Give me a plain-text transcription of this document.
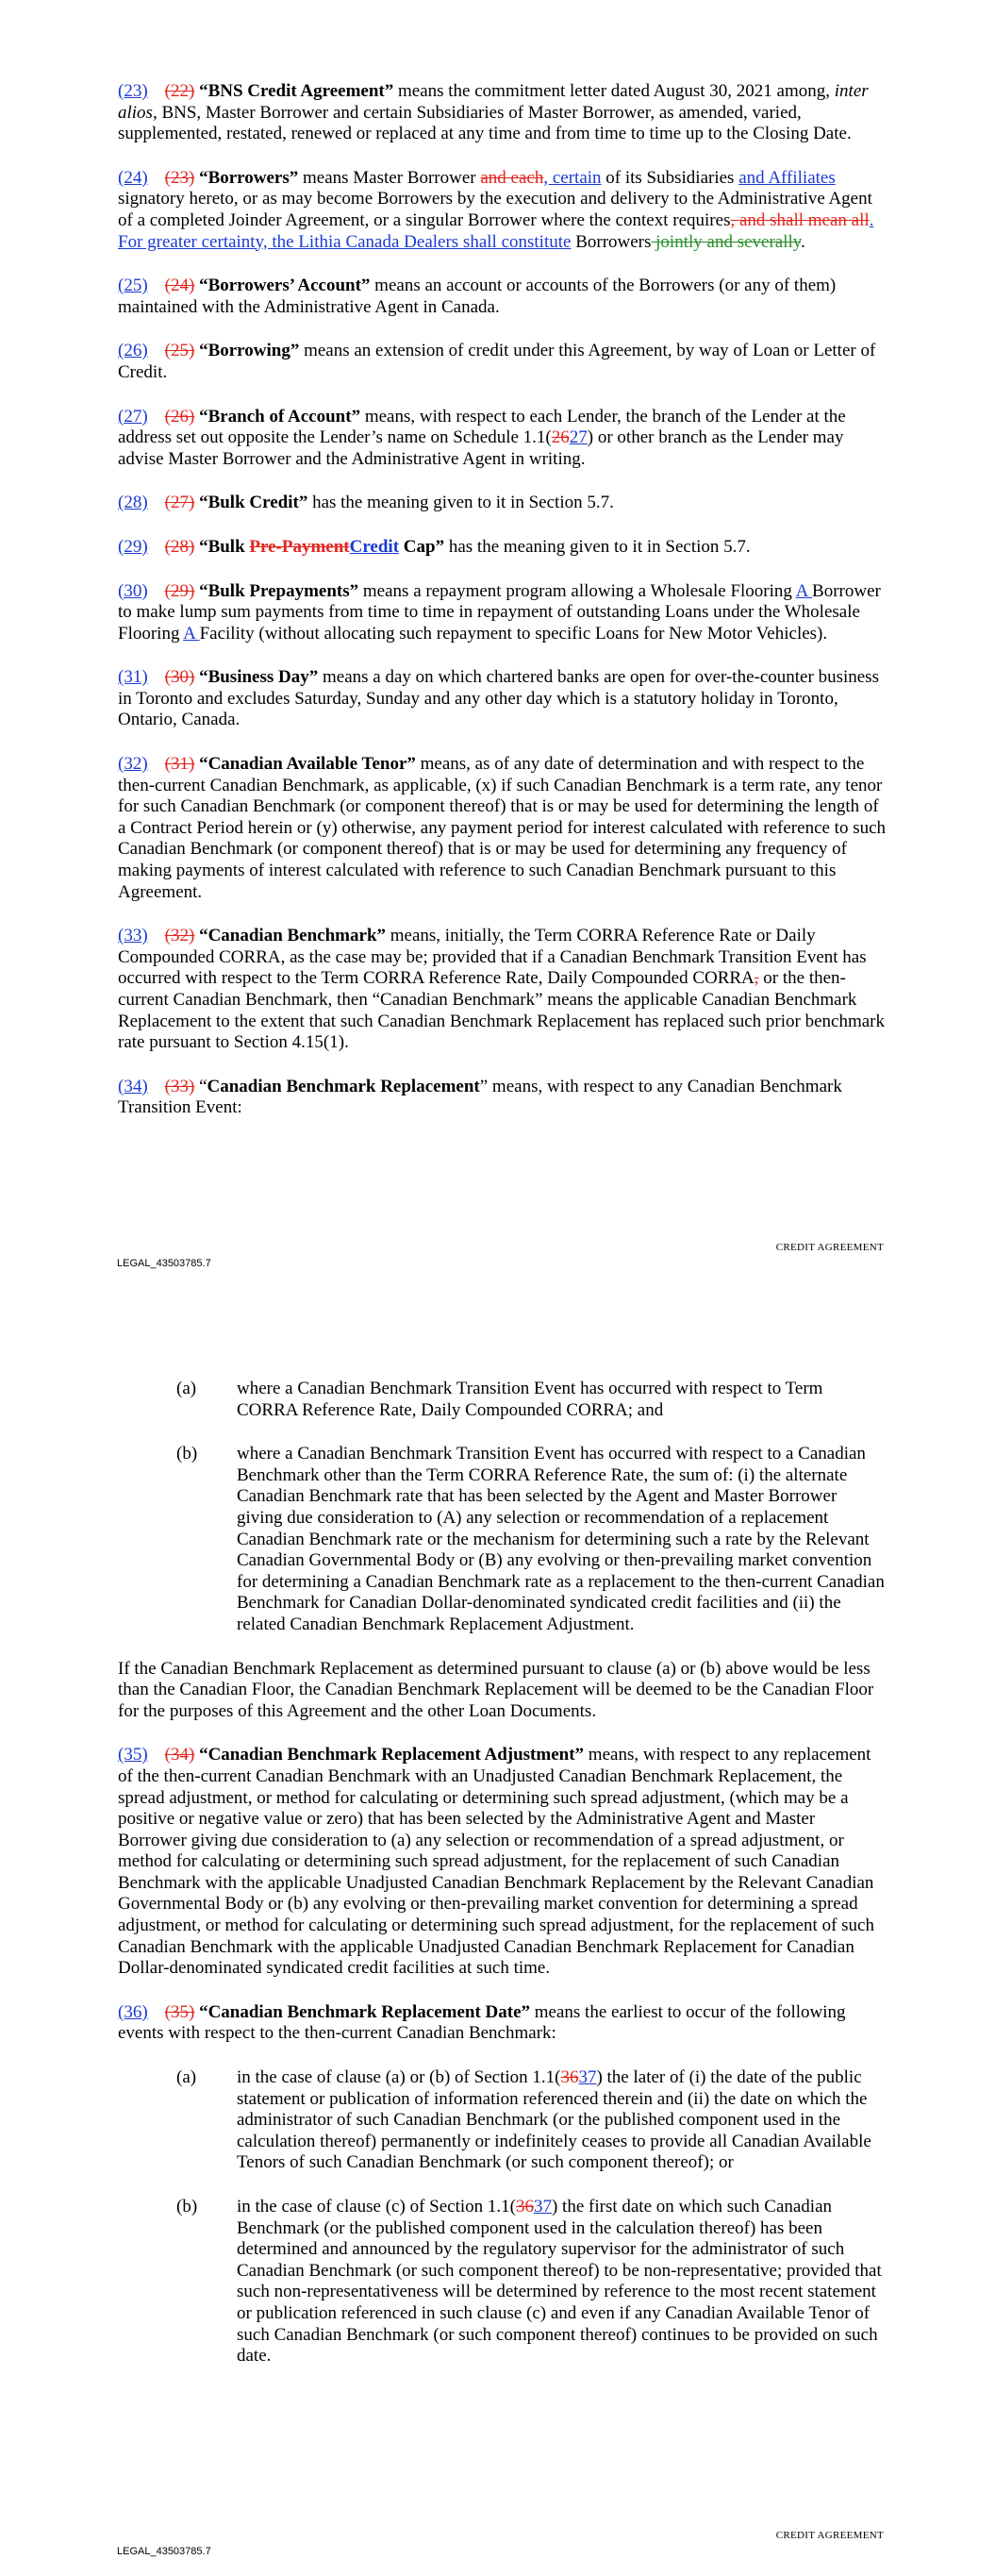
(23) (22) “BNS Credit Agreement” means the commitment letter dated August 30, 2021 among, inter alios, BNS, Master Borrower and certain Subsidiaries of Master Borrower, as amended, varied, supplemented, restated, renewed or replaced at any time and from time to time up to the Closing Date.

(24) (23) “Borrowers” means Master Borrower and each, certain of its Subsidiaries and Affiliates signatory hereto, or as may become Borrowers by the execution and delivery to the Administrative Agent of a completed Joinder Agreement, or a singular Borrower where the context requires, and shall mean all. For greater certainty, the Lithia Canada Dealers shall constitute Borrowers jointly and severally.

(25) (24) “Borrowers’ Account” means an account or accounts of the Borrowers (or any of them) maintained with the Administrative Agent in Canada.

(26) (25) “Borrowing” means an extension of credit under this Agreement, by way of Loan or Letter of Credit.

(27) (26) “Branch of Account” means, with respect to each Lender, the branch of the Lender at the address set out opposite the Lender’s name on Schedule 1.1(2627) or other branch as the Lender may advise Master Borrower and the Administrative Agent in writing.

(28) (27) “Bulk Credit” has the meaning given to it in Section 5.7.

(29) (28) “Bulk Pre-PaymentCredit Cap” has the meaning given to it in Section 5.7.

(30) (29) “Bulk Prepayments” means a repayment program allowing a Wholesale Flooring A Borrower to make lump sum payments from time to time in repayment of outstanding Loans under the Wholesale Flooring A Facility (without allocating such repayment to specific Loans for New Motor Vehicles).

(31) (30) “Business Day” means a day on which chartered banks are open for over-the-counter business in Toronto and excludes Saturday, Sunday and any other day which is a statutory holiday in Toronto, Ontario, Canada.

(32) (31) “Canadian Available Tenor” means, as of any date of determination and with respect to the then-current Canadian Benchmark, as applicable, (x) if such Canadian Benchmark is a term rate, any tenor for such Canadian Benchmark (or component thereof) that is or may be used for determining the length of a Contract Period herein or (y) otherwise, any payment period for interest calculated with reference to such Canadian Benchmark (or component thereof) that is or may be used for determining any frequency of making payments of interest calculated with reference to such Canadian Benchmark pursuant to this Agreement.

(33) (32) “Canadian Benchmark” means, initially, the Term CORRA Reference Rate or Daily Compounded CORRA, as the case may be; provided that if a Canadian Benchmark Transition Event has occurred with respect to the Term CORRA Reference Rate, Daily Compounded CORRA, or the then-current Canadian Benchmark, then “Canadian Benchmark” means the applicable Canadian Benchmark Replacement to the extent that such Canadian Benchmark Replacement has replaced such prior benchmark rate pursuant to Section 4.15(1).

(34) (33) “Canadian Benchmark Replacement” means, with respect to any Canadian Benchmark Transition Event:

CREDIT AGREEMENT
LEGAL_43503785.7
(a) where a Canadian Benchmark Transition Event has occurred with respect to Term CORRA Reference Rate, Daily Compounded CORRA; and
(b) where a Canadian Benchmark Transition Event has occurred with respect to a Canadian Benchmark other than the Term CORRA Reference Rate, the sum of: (i) the alternate Canadian Benchmark rate that has been selected by the Agent and Master Borrower giving due consideration to (A) any selection or recommendation of a replacement Canadian Benchmark rate or the mechanism for determining such a rate by the Relevant Canadian Governmental Body or (B) any evolving or then-prevailing market convention for determining a Canadian Benchmark rate as a replacement to the then-current Canadian Benchmark for Canadian Dollar-denominated syndicated credit facilities and (ii) the related Canadian Benchmark Replacement Adjustment.

If the Canadian Benchmark Replacement as determined pursuant to clause (a) or (b) above would be less than the Canadian Floor, the Canadian Benchmark Replacement will be deemed to be the Canadian Floor for the purposes of this Agreement and the other Loan Documents.

(35) (34) “Canadian Benchmark Replacement Adjustment” means, with respect to any replacement of the then-current Canadian Benchmark with an Unadjusted Canadian Benchmark Replacement, the spread adjustment, or method for calculating or determining such spread adjustment, (which may be a positive or negative value or zero) that has been selected by the Administrative Agent and Master Borrower giving due consideration to (a) any selection or recommendation of a spread adjustment, or method for calculating or determining such spread adjustment, for the replacement of such Canadian Benchmark with the applicable Unadjusted Canadian Benchmark Replacement by the Relevant Canadian Governmental Body or (b) any evolving or then-prevailing market convention for determining a spread adjustment, or method for calculating or determining such spread adjustment, for the replacement of such Canadian Benchmark with the applicable Unadjusted Canadian Benchmark Replacement for Canadian Dollar-denominated syndicated credit facilities at such time.

(36) (35) “Canadian Benchmark Replacement Date” means the earliest to occur of the following events with respect to the then-current Canadian Benchmark:

(a) in the case of clause (a) or (b) of Section 1.1(3637) the later of (i) the date of the public statement or publication of information referenced therein and (ii) the date on which the administrator of such Canadian Benchmark (or the published component used in the calculation thereof) permanently or indefinitely ceases to provide all Canadian Available Tenors of such Canadian Benchmark (or such component thereof); or
(b) in the case of clause (c) of Section 1.1(3637) the first date on which such Canadian Benchmark (or the published component used in the calculation thereof) has been determined and announced by the regulatory supervisor for the administrator of such Canadian Benchmark (or such component thereof) to be non-representative; provided that such non-representativeness will be determined by reference to the most recent statement or publication referenced in such clause (c) and even if any Canadian Available Tenor of such Canadian Benchmark (or such component thereof) continues to be provided on such date.
CREDIT AGREEMENT
LEGAL_43503785.7
